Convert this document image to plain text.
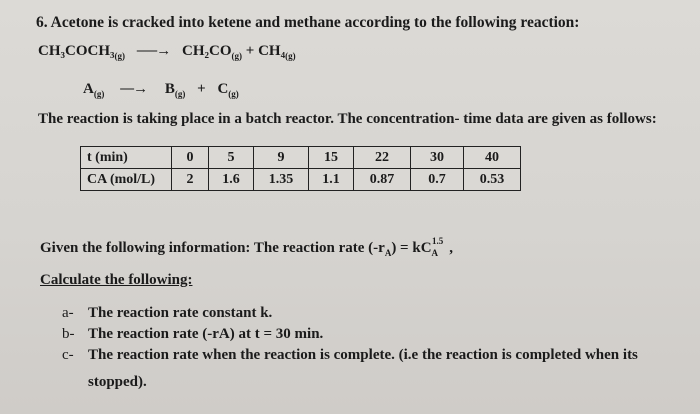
6. Acetone is cracked into ketene and methane according to the following reaction:
$CH_3COCH_3_{(g)}$ ⎯⎯⎯→ $CH_2CO_{(g)} + CH_4_{(g)}$
$A_{(g)}$ ⎯⎯→ $B_{(g)} + C_{(g)}$
The reaction is taking place in a batch reactor. The concentration- time data are given as follows:
t (min)	0	5	9	15	22	30	40
CA (mol/L)	2	1.6	1.35	1.1	0.87	0.7	0.53
Given the following information: The reaction rate $(-r_A) = kC_A^{1.5}$ ,
Calculate the following:
a- The reaction rate constant k.
b- The reaction rate (-rA) at t = 30 min.
c- The reaction rate when the reaction is complete. (i.e the reaction is completed when its
stopped).
